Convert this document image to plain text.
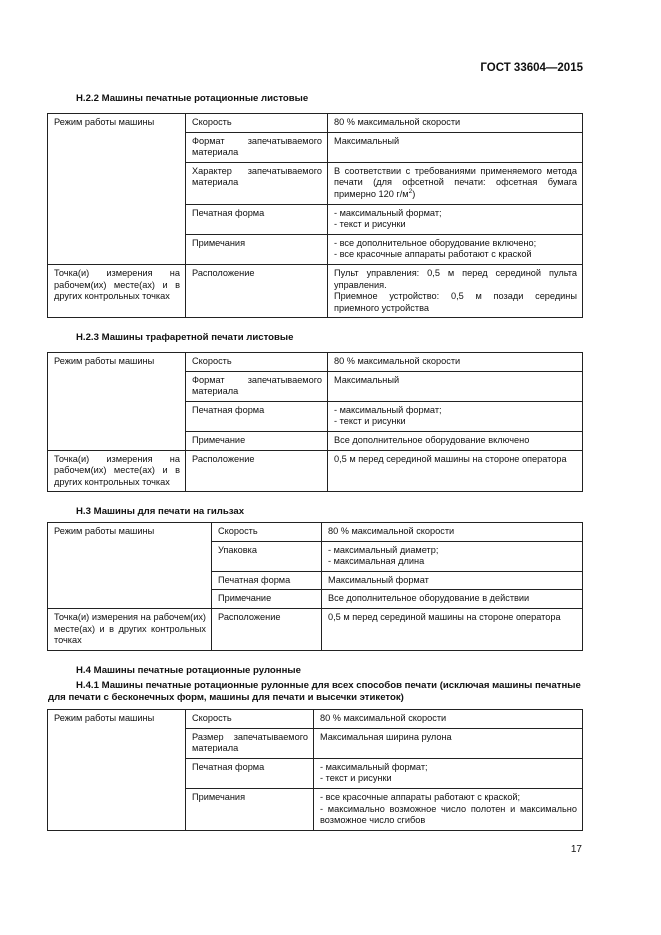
ГОСТ 33604—2015
Н.2.2 Машины печатные ротационные листовые
Режим работы машины	Скорость	80 % максимальной скорости
	Формат запечатываемого материала	Максимальный
	Характер запечатываемого материала	В соответствии с требованиями применяемого метода печати (для офсетной печати: офсетная бумага примерно 120 $г/м^2$)
	Печатная форма	- максимальный формат;
- текст и рисунки

	Примечания	- все дополнительное оборудование включено;
- все красочные аппараты работают с краской

Точка(и) измерения на рабочем(их) месте(ах) и в других контрольных точках	Расположение	Пульт управления: 0,5 м перед серединой пульта управления.
Приемное устройство: 0,5 м позади середины приемного устройства
Н.2.3 Машины трафаретной печати листовые
Режим работы машины	Скорость	80 % максимальной скорости
	Формат запечатываемого материала	Максимальный
	Печатная форма	- максимальный формат;
- текст и рисунки

	Примечание	Все дополнительное оборудование включено
Точка(и) измерения на рабочем(их) месте(ах) и в других контрольных точках	Расположение	0,5 м перед серединой машины на стороне оператора
Н.3 Машины для печати на гильзах
Режим работы машины	Скорость	80 % максимальной скорости
	Упаковка	- максимальный диаметр;
- максимальная длина

	Печатная форма	Максимальный формат
	Примечание	Все дополнительное оборудование в действии
Точка(и) измерения на рабочем(их) месте(ах) и в других контрольных точках	Расположение	0,5 м перед серединой машины на стороне оператора
Н.4 Машины печатные ротационные рулонные
Н.4.1 Машины печатные ротационные рулонные для всех способов печати (исключая машины печатные для печати с бесконечных форм, машины для печати и высечки этикеток)
Режим работы машины	Скорость	80 % максимальной скорости
	Размер запечатываемого материала	Максимальная ширина рулона
	Печатная форма	- максимальный формат;
- текст и рисунки

	Примечания	- все красочные аппараты работают с краской;
- максимально возможное число полотен и максимально возможное число сгибов
17
